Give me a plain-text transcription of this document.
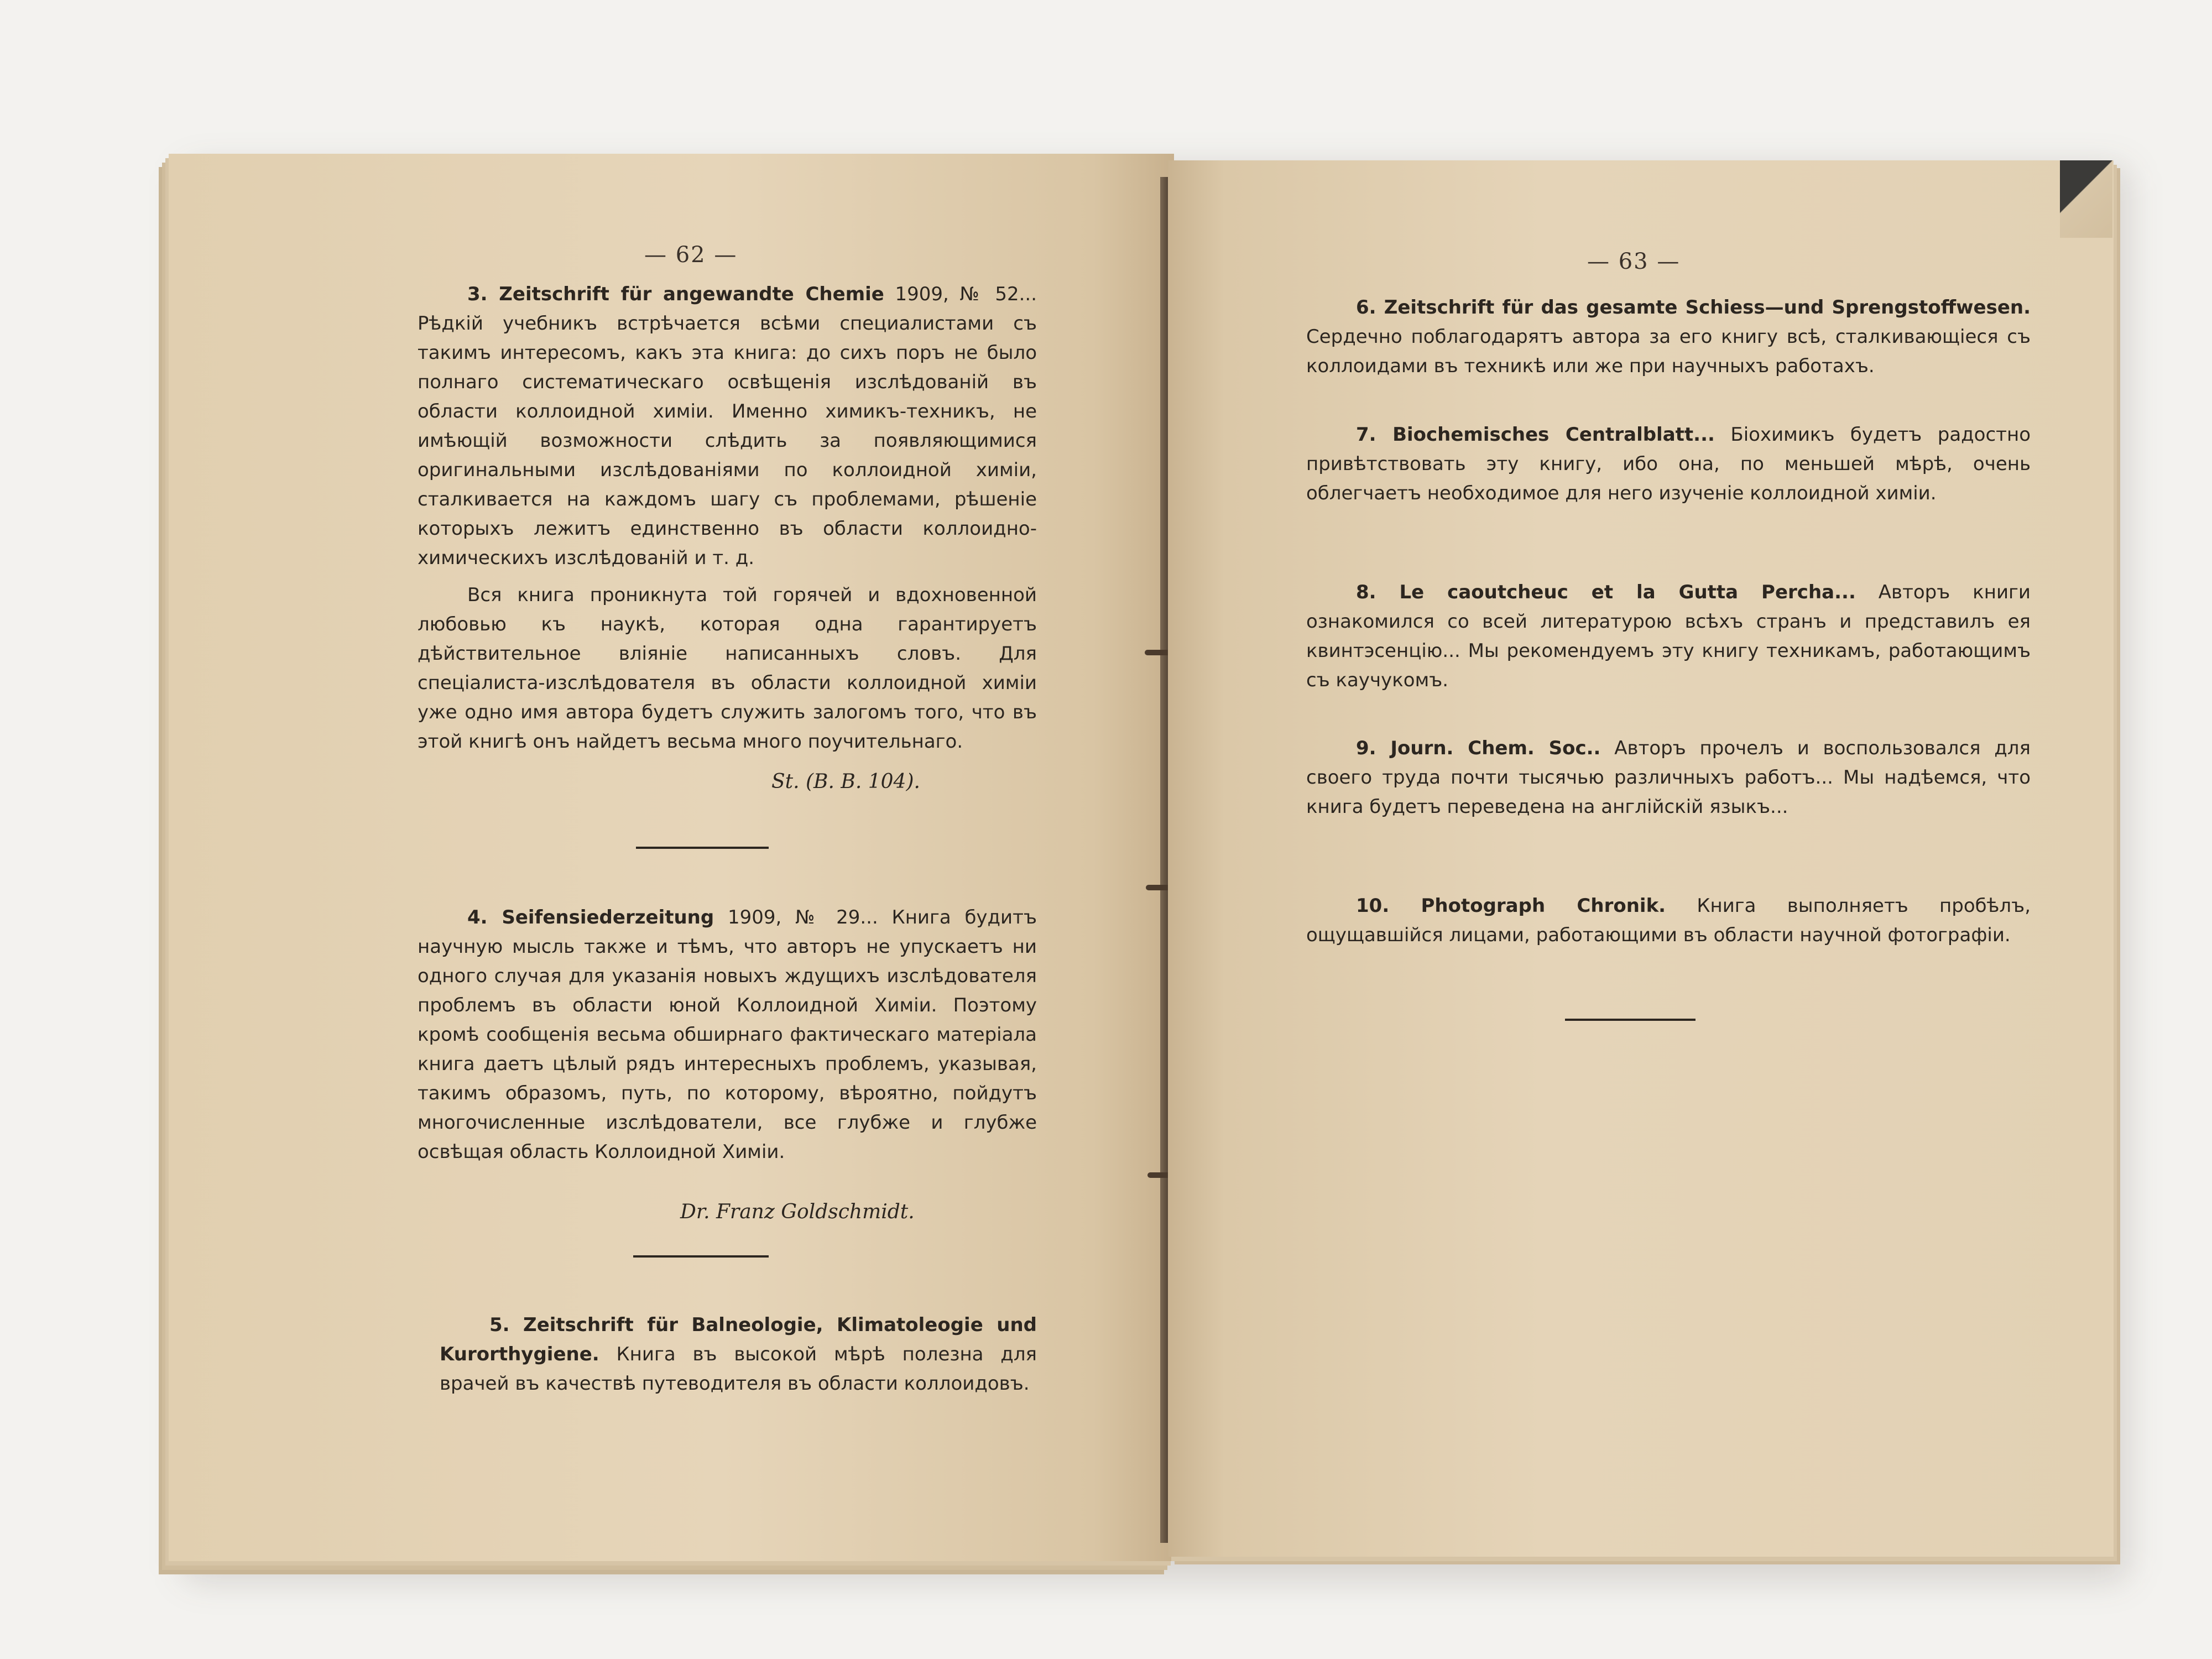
— 62 —

3. Zeitschrift für angewandte Chemie 1909, № 52... Рѣдкій учебникъ встрѣчается всѣми специалистами съ такимъ интересомъ, какъ эта книга: до сихъ поръ не было полнаго систематическаго освѣщенія изслѣдованій въ области коллоидной химіи. Именно химикъ-техникъ, не имѣющій возможности слѣдить за появляющимися оригинальными изслѣдованіями по коллоидной химіи, сталкивается на каждомъ шагу съ проблемами, рѣшеніе которыхъ лежитъ единственно въ области коллоидно-химическихъ изслѣдованій и т. д.

Вся книга проникнута той горячей и вдохновенной любовью къ наукѣ, которая одна гарантируетъ дѣйствительное вліяніе написанныхъ словъ. Для спеціалиста-изслѣдователя въ области коллоидной химіи уже одно имя автора будетъ служить залогомъ того, что въ этой книгѣ онъ найдетъ весьма много поучительнаго.

St. (B. B. 104).

4. Seifensiederzeitung 1909, № 29... Книга будитъ научную мысль также и тѣмъ, что авторъ не упускаетъ ни одного случая для указанія новыхъ ждущихъ изслѣдователя проблемъ въ области юной Коллоидной Химіи. Поэтому кромѣ сообщенія весьма обширнаго фактическаго матеріала книга даетъ цѣлый рядъ интересныхъ проблемъ, указывая, такимъ образомъ, путь, по которому, вѣроятно, пойдутъ многочисленные изслѣдователи, все глубже и глубже освѣщая область Коллоидной Химіи.

Dr. Franz Goldschmidt.

5. Zeitschrift für Balneologie, Klimatoleogie und Kurorthygiene. Книга въ высокой мѣрѣ полезна для врачей въ качествѣ путеводителя въ области коллоидовъ.

— 63 —

6. Zeitschrift für das gesamte Schiess—und Sprengstoffwesen. Сердечно поблагодарятъ автора за его книгу всѣ, сталкивающіеся съ коллоидами въ техникѣ или же при научныхъ работахъ.

7. Biochemisches Centralblatt... Біохимикъ будетъ радостно привѣтствовать эту книгу, ибо она, по меньшей мѣрѣ, очень облегчаетъ необходимое для него изученіе коллоидной химіи.

8. Le caoutcheuc et la Gutta Percha... Авторъ книги ознакомился со всей литературою всѣхъ странъ и представилъ ея квинтэсенцію... Мы рекомендуемъ эту книгу техникамъ, работающимъ съ каучукомъ.

9. Journ. Chem. Soc.. Авторъ прочелъ и воспользовался для своего труда почти тысячью различныхъ работъ... Мы надѣемся, что книга будетъ переведена на англійскій языкъ...

10. Photograph Chronik. Книга выполняетъ пробѣлъ, ощущавшійся лицами, работающими въ области научной фотографіи.
